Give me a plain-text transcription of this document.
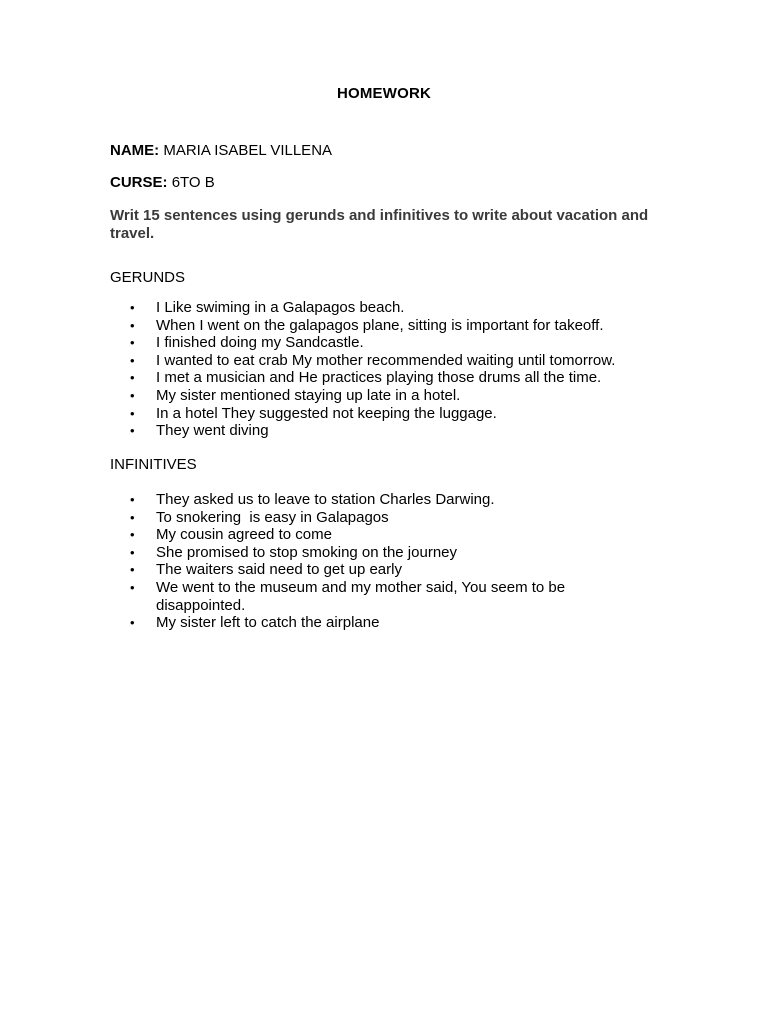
HOMEWORK
NAME: MARIA ISABEL VILLENA
CURSE: 6TO B
Writ 15 sentences using gerunds and infinitives to write about vacation and travel.
GERUNDS
• I Like swiming in a Galapagos beach.
• When I went on the galapagos plane, sitting is important for takeoff.
• I finished doing my Sandcastle.
• I wanted to eat crab My mother recommended waiting until tomorrow.
• I met a musician and He practices playing those drums all the time.
• My sister mentioned staying up late in a hotel.
• In a hotel They suggested not keeping the luggage.
• They went diving
INFINITIVES
• They asked us to leave to station Charles Darwing.
• To snokering  is easy in Galapagos
• My cousin agreed to come
• She promised to stop smoking on the journey
• The waiters said need to get up early
• We went to the museum and my mother said, You seem to be disappointed.
• My sister left to catch the airplane
